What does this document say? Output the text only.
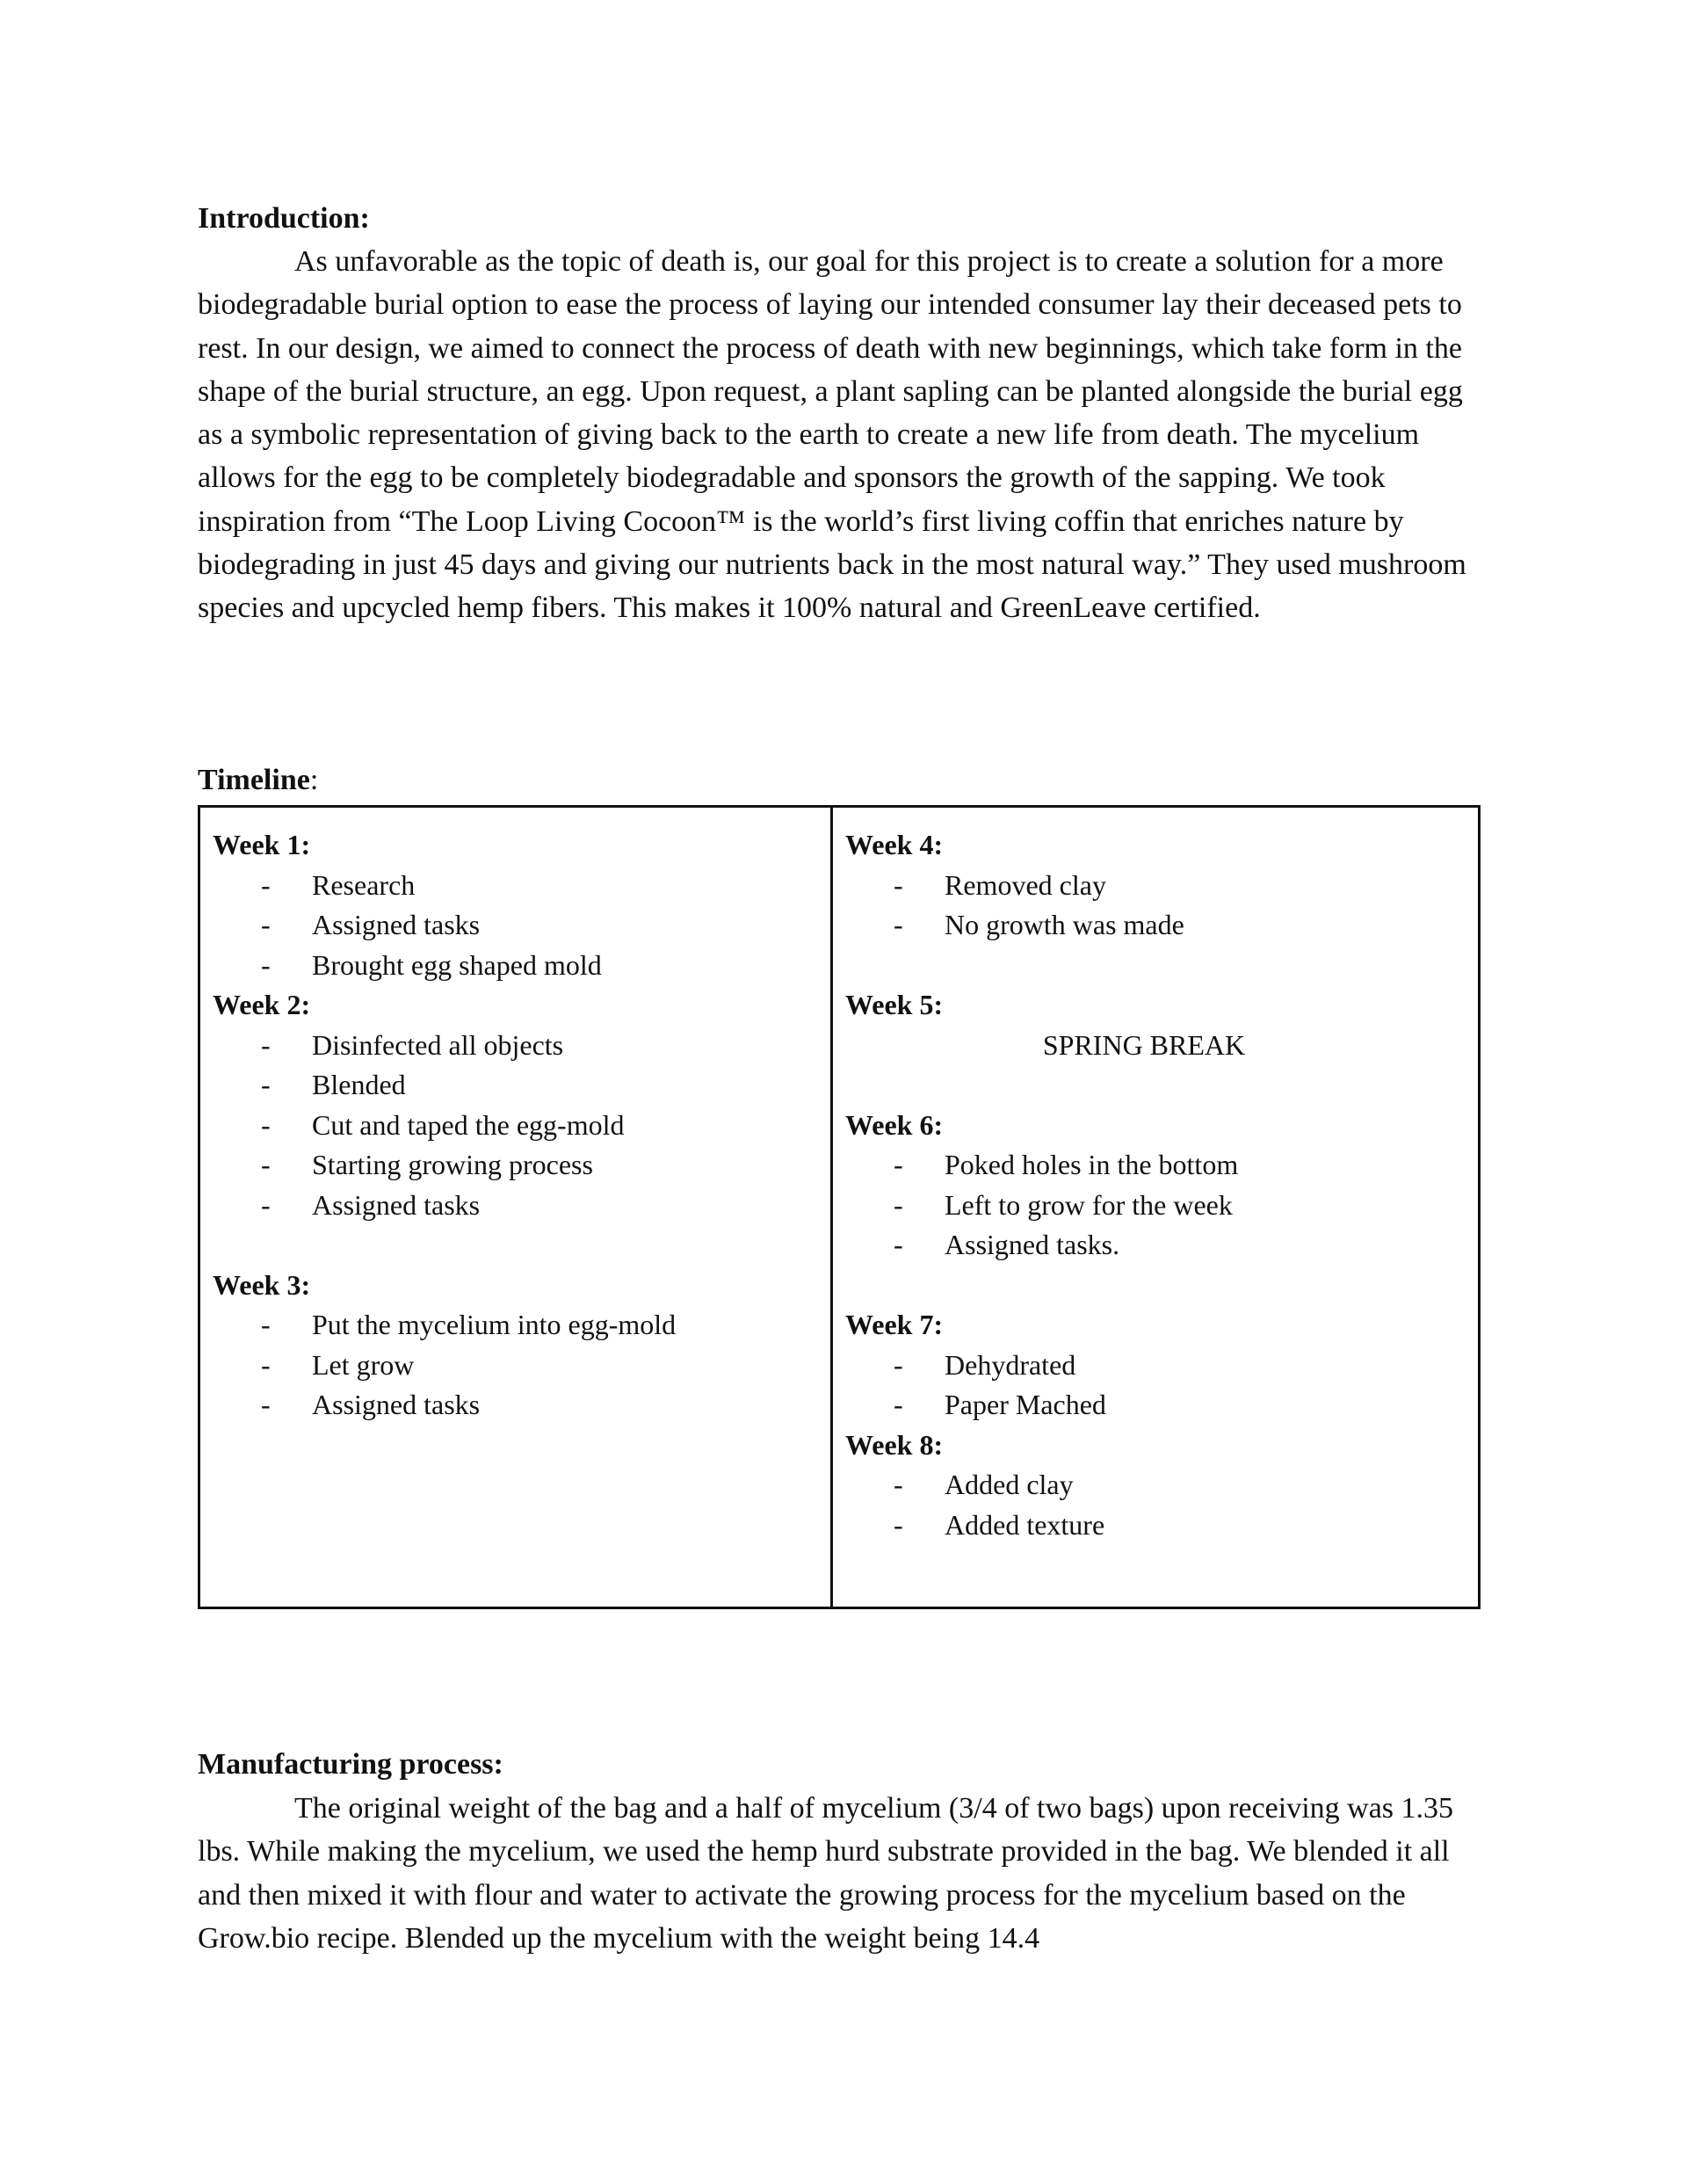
Introduction:

As unfavorable as the topic of death is, our goal for this project is to create a solution for a more biodegradable burial option to ease the process of laying our intended consumer lay their deceased pets to rest. In our design, we aimed to connect the process of death with new beginnings, which take form in the shape of the burial structure, an egg. Upon request, a plant sapling can be planted alongside the burial egg as a symbolic representation of giving back to the earth to create a new life from death. The mycelium allows for the egg to be completely biodegradable and sponsors the growth of the sapping. We took inspiration from “The Loop Living Cocoon™ is the world’s first living coffin that enriches nature by biodegrading in just 45 days and giving our nutrients back in the most natural way.” They used mushroom species and upcycled hemp fibers. This makes it 100% natural and GreenLeave certified.

Timeline:
Week 1:
- Research
- Assigned tasks
- Brought egg shaped mold
Week 2:
- Disinfected all objects
- Blended
- Cut and taped the egg-mold
- Starting growing process
- Assigned tasks
Week 3:
- Put the mycelium into egg-mold
- Let grow
- Assigned tasks
Week 4:
- Removed clay
- No growth was made
Week 5:
SPRING BREAK
Week 6:
- Poked holes in the bottom
- Left to grow for the week
- Assigned tasks.
Week 7:
- Dehydrated
- Paper Mached
Week 8:
- Added clay
- Added texture
Manufacturing process:

The original weight of the bag and a half of mycelium (3/4 of two bags) upon receiving was 1.35 lbs. While making the mycelium, we used the hemp hurd substrate provided in the bag. We blended it all and then mixed it with flour and water to activate the growing process for the mycelium based on the Grow.bio recipe. Blended up the mycelium with the weight being 14.4
